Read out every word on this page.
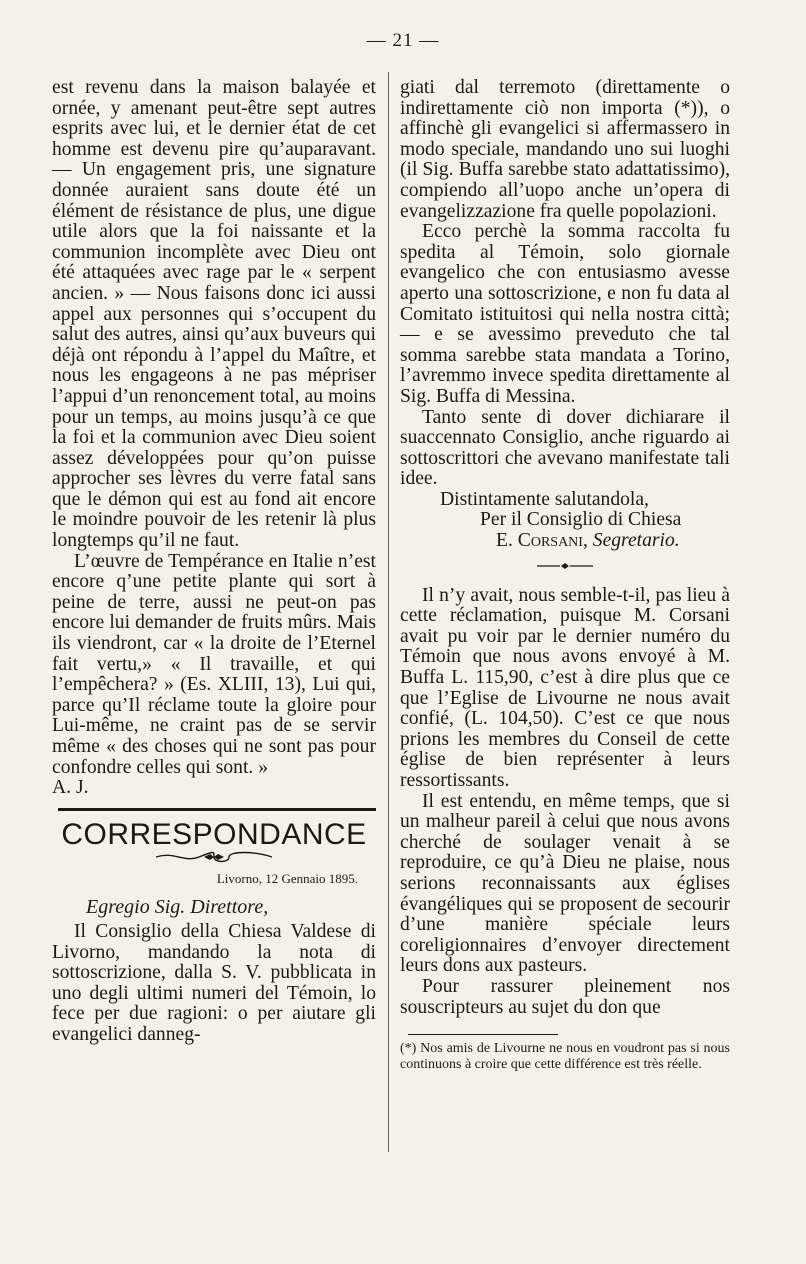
— 21 —

est revenu dans la maison balayée et ornée, y amenant peut-être sept autres esprits avec lui, et le dernier état de cet homme est devenu pire qu’auparavant. — Un engagement pris, une signature donnée auraient sans doute été un élément de résistance de plus, une digue utile alors que la foi naissante et la communion incomplète avec Dieu ont été attaquées avec rage par le « serpent ancien. » — Nous faisons donc ici aussi appel aux personnes qui s’occupent du salut des autres, ainsi qu’aux buveurs qui déjà ont répondu à l’appel du Maître, et nous les engageons à ne pas mépriser l’appui d’un renoncement total, au moins pour un temps, au moins jusqu’à ce que la foi et la communion avec Dieu soient assez développées pour qu’on puisse approcher ses lèvres du verre fatal sans que le démon qui est au fond ait encore le moindre pouvoir de les retenir là plus longtemps qu’il ne faut.

L’œuvre de Tempérance en Italie n’est encore q’une petite plante qui sort à peine de terre, aussi ne peut-on pas encore lui demander de fruits mûrs. Mais ils viendront, car « la droite de l’Eternel fait vertu,» « Il travaille, et qui l’empêchera? » (Es. XLIII, 13), Lui qui, parce qu’Il réclame toute la gloire pour Lui-même, ne craint pas de se servir même « des choses qui ne sont pas pour confondre celles qui sont. »

A. J.

CORRESPONDANCE
Livorno, 12 Gennaio 1895.
Egregio Sig. Direttore,

Il Consiglio della Chiesa Valdese di Livorno, mandando la nota di sottoscrizione, dalla S. V. pubblicata in uno degli ultimi numeri del Témoin, lo fece per due ragioni: o per aiutare gli evangelici danneg-

giati dal terremoto (direttamente o indirettamente ciò non importa (*)), o affinchè gli evangelici si affermassero in modo speciale, mandando uno sui luoghi (il Sig. Buffa sarebbe stato adattatissimo), compiendo all’uopo anche un’opera di evangelizzazione fra quelle popolazioni.

Ecco perchè la somma raccolta fu spedita al Témoin, solo giornale evangelico che con entusiasmo avesse aperto una sottoscrizione, e non fu data al Comitato istituitosi qui nella nostra città; — e se avessimo preveduto che tal somma sarebbe stata mandata a Torino, l’avremmo invece spedita direttamente al Sig. Buffa di Messina.

Tanto sente di dover dichiarare il suaccennato Consiglio, anche riguardo ai sottoscrittori che avevano manifestate tali idee.

Distintamente salutandola,

Per il Consiglio di Chiesa

E. Corsani, Segretario.

Il n’y avait, nous semble-t-il, pas lieu à cette réclamation, puisque M. Corsani avait pu voir par le dernier numéro du Témoin que nous avons envoyé à M. Buffa L. 115,90, c’est à dire plus que ce que l’Eglise de Livourne ne nous avait confié, (L. 104,50). C’est ce que nous prions les membres du Conseil de cette église de bien représenter à leurs ressortissants.

Il est entendu, en même temps, que si un malheur pareil à celui que nous avons cherché de soulager venait à se reproduire, ce qu’à Dieu ne plaise, nous serions reconnaissants aux églises évangéliques qui se proposent de secourir d’une manière spéciale leurs coreligionnaires d’envoyer directement leurs dons aux pasteurs.

Pour rassurer pleinement nos souscripteurs au sujet du don que

(*) Nos amis de Livourne ne nous en voudront pas si nous continuons à croire que cette différence est très réelle.
